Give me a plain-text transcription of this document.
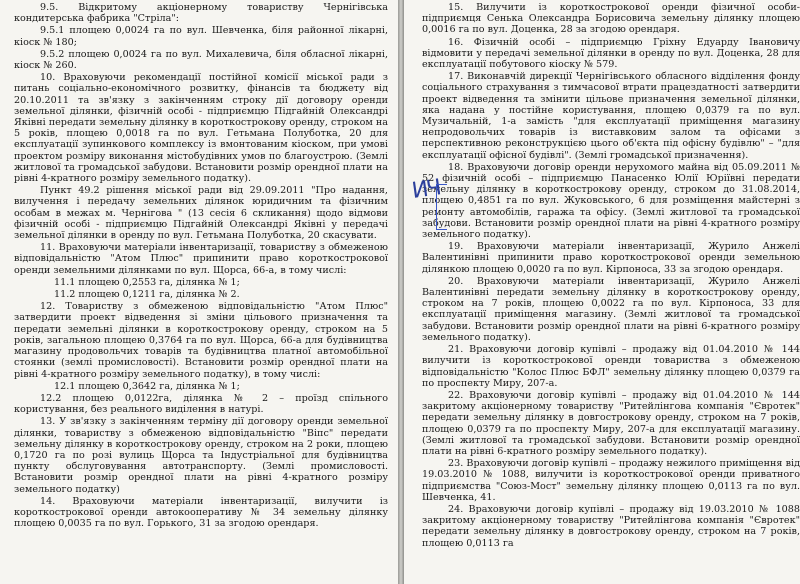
9.5. Відкритому акціонерному товариству Чернігівська кондитерська фабрика "Стріла":

9.5.1 площею 0,0024 га по вул. Шевченка, біля районної лікарні, кіоск № 180;

9.5.2 площею 0,0024 га по вул. Михалевича, біля обласної лікарні, кіоск № 260.

10. Враховуючи рекомендації постійної комісії міської ради з питань соціально-економічного розвитку, фінансів та бюджету від 20.10.2011 та зв'язку з закінченням строку дії договору оренди земельної ділянки, фізичній особі - підприємцю Підгайній Олександрі Яківні передати земельну ділянку в короткострокову оренду, строком на 5 років, площею 0,0018 га по вул. Гетьмана Полуботка, 20 для експлуатації зупинкового комплексу із вмонтованим кіоском, при умові проектом розміру виконання містобудівних умов по благоустрою. (Землі житлової та громадської забудови. Встановити розмір орендної плати на рівні 4-кратного розміру земельного податку).

Пункт 49.2 рішення міської ради від 29.09.2011 "Про надання, вилучення і передачу земельних ділянок юридичним та фізичним особам в межах м. Чернігова " (13 сесія 6 скликання) щодо відмови фізичній особі - підприємцю Підгайній Олександрі Яківні у передачі земельної ділянки в оренду по вул. Гетьмана Полуботка, 20 скасувати.

11. Враховуючи матеріали інвентаризації, товариству з обмеженою відповідальністю "Атом Плюс" припинити право короткострокової оренди земельними ділянками по вул. Щорса, 66-а, в тому числі:

11.1 площею 0,2553 га, ділянка № 1;

11.2 площею 0,1211 га, ділянка № 2.

12. Товариству з обмеженою відповідальністю "Атом Плюс" затвердити проект відведення зі зміни цільового призначення та передати земельні ділянки в короткострокову оренду, строком на 5 років, загальною площею 0,3764 га по вул. Щорса, 66-а для будівництва магазину продовольчих товарів та будівництва платної автомобільної стоянки (землі промисловості). Встановити розмір орендної плати на рівні 4-кратного розміру земельного податку), в тому числі:

12.1 площею 0,3642 га, ділянка № 1;

12.2 площею 0,0122га, ділянка № 2 – проїзд спільного користування, без реального виділення в натурі.

13. У зв'язку з закінченням терміну дії договору оренди земельної ділянки, товариству з обмеженою відповідальністю "Віпс" передати земельну ділянку в короткострокову оренду, строком на 2 роки, площею 0,1720 га по розі вулиць Щорса та Індустріальної для будівництва пункту обслуговування автотранспорту. (Землі промисловості. Встановити розмір орендної плати на рівні 4-кратного розміру земельного податку)

14. Враховуючи матеріали інвентаризації, вилучити із короткострокової оренди автокооперативу № 34 земельну ділянку площею 0,0035 га по вул. Горького, 31 за згодою орендаря.

15. Вилучити із короткострокової оренди фізичної особи-підприємця Сенька Олександра Борисовича земельну ділянку площею 0,0016 га по вул. Доценка, 28 за згодою орендаря.

16. Фізичній особі – підприємцю Гріхну Едуарду Івановичу відмовити у передачі земельної ділянки в оренду по вул. Доценка, 28 для експлуатації побутового кіоску № 579.

17. Виконавчій дирекції Чернігівського обласного відділення фонду соціального страхування з тимчасової втрати працездатності затвердити проект відведення та змінити цільове призначення земельної ділянки, яка надана у постійне користування, площею 0,0379 га по вул. Музичальній, 1-а замість "для експлуатації приміщення магазину непродовольчих товарів із виставковим залом та офісами з перспективною реконструкцією цього об'єкта під офісну будівлю" – "для експлуатації офісної будівлі". (Землі громадської призначення).

18. Враховуючи договір оренди нерухомого майна від 05.09.2011 № 52 фізичній особі – підприємцю Панасенко Юлії Юріївні передати земельну ділянку в короткострокову оренду, строком до 31.08.2014, площею 0,4851 га по вул. Жуковського, 6 для розміщення майстерні з ремонту автомобілів, гаража та офісу. (Землі житлової та громадської забудови. Встановити розмір орендної плати на рівні 4-кратного розміру земельного податку).

19. Враховуючи матеріали інвентаризації, Журило Анжелі Валентинівні припинити право короткострокової оренди земельною ділянкою площею 0,0020 га по вул. Кірпоноса, 33 за згодою орендаря.

20. Враховуючи матеріали інвентаризації, Журило Анжелі Валентинівні передати земельну ділянку в короткострокову оренду, строком на 7 років, площею 0,0022 га по вул. Кірпоноса, 33 для експлуатації приміщення магазину. (Землі житлової та громадської забудови. Встановити розмір орендної плати на рівні 6-кратного розміру земельного податку).

21. Враховуючи договір купівлі – продажу від 01.04.2010 № 144 вилучити із короткострокової оренди товариства з обмеженою відповідальністю "Колос Плюс БФЛ" земельну ділянку площею 0,0379 га по проспекту Миру, 207-а.

22. Враховуючи договір купівлі – продажу від 01.04.2010 № 144 закритому акціонерному товариству "Ритейлінгова компанія "Євротек" передати земельну ділянку в довгострокову оренду, строком на 7 років, площею 0,0379 га по проспекту Миру, 207-а для експлуатації магазину. (Землі житлової та громадської забудови. Встановити розмір орендної плати на рівні 6-кратного розміру земельного податку).

23. Враховуючи договір купівлі – продажу нежилого приміщення від 19.03.2010 № 1088, вилучити із короткострокової оренди приватного підприємства "Союз-Мост" земельну ділянку площею 0,0113 га по вул. Шевченка, 41.

24. Враховуючи договір купівлі – продажу від 19.03.2010 № 1088 закритому акціонерному товариству "Ритейлінгова компанія "Євротек" передати земельну ділянку в довгострокову оренду, строком на 7 років, площею 0,0113 га

ИЧ
